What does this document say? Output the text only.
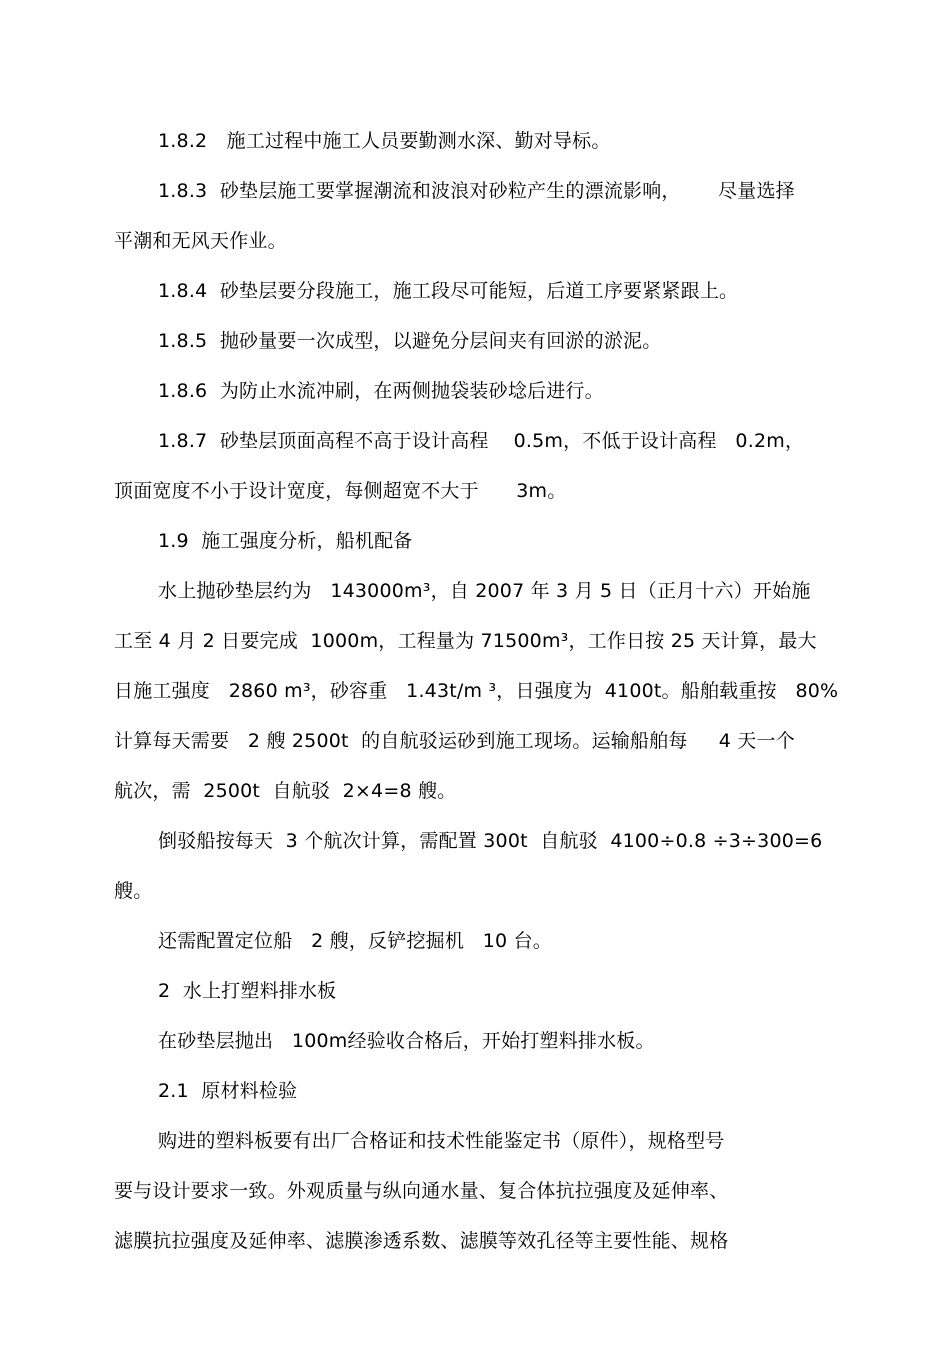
1.8.2　施工过程中施工人员要勤测水深、勤对导标。
1.8.3  砂垫层施工要掌握潮流和波浪对砂粒产生的漂流影响，      尽量选择
平潮和无风天作业。
1.8.4  砂垫层要分段施工，施工段尽可能短，后道工序要紧紧跟上。
1.8.5  抛砂量要一次成型，以避免分层间夹有回淤的淤泥。
1.8.6  为防止水流冲刷，在两侧抛袋装砂埝后进行。
1.8.7  砂垫层顶面高程不高于设计高程    0.5m，不低于设计高程   0.2m，
顶面宽度不小于设计宽度，每侧超宽不大于      3m。
1.9  施工强度分析，船机配备
水上抛砂垫层约为   143000m³，自 2007 年 3 月 5 日（正月十六）开始施
工至 4 月 2 日要完成  1000m，工程量为 71500m³，工作日按 25 天计算，最大
日施工强度   2860 m³，砂容重   1.43t/m ³，日强度为  4100t。船舶载重按   80%
计算每天需要   2 艘 2500t  的自航驳运砂到施工现场。运输船舶每     4 天一个
航次，需  2500t  自航驳  2×4=8 艘。
倒驳船按每天  3 个航次计算，需配置 300t  自航驳  4100÷0.8 ÷3÷300=6
艘。
还需配置定位船   2 艘，反铲挖掘机   10 台。
2  水上打塑料排水板
在砂垫层抛出   100m经验收合格后，开始打塑料排水板。
2.1  原材料检验
购进的塑料板要有出厂合格证和技术性能鉴定书（原件），规格型号
要与设计要求一致。外观质量与纵向通水量、复合体抗拉强度及延伸率、
滤膜抗拉强度及延伸率、滤膜渗透系数、滤膜等效孔径等主要性能、规格
